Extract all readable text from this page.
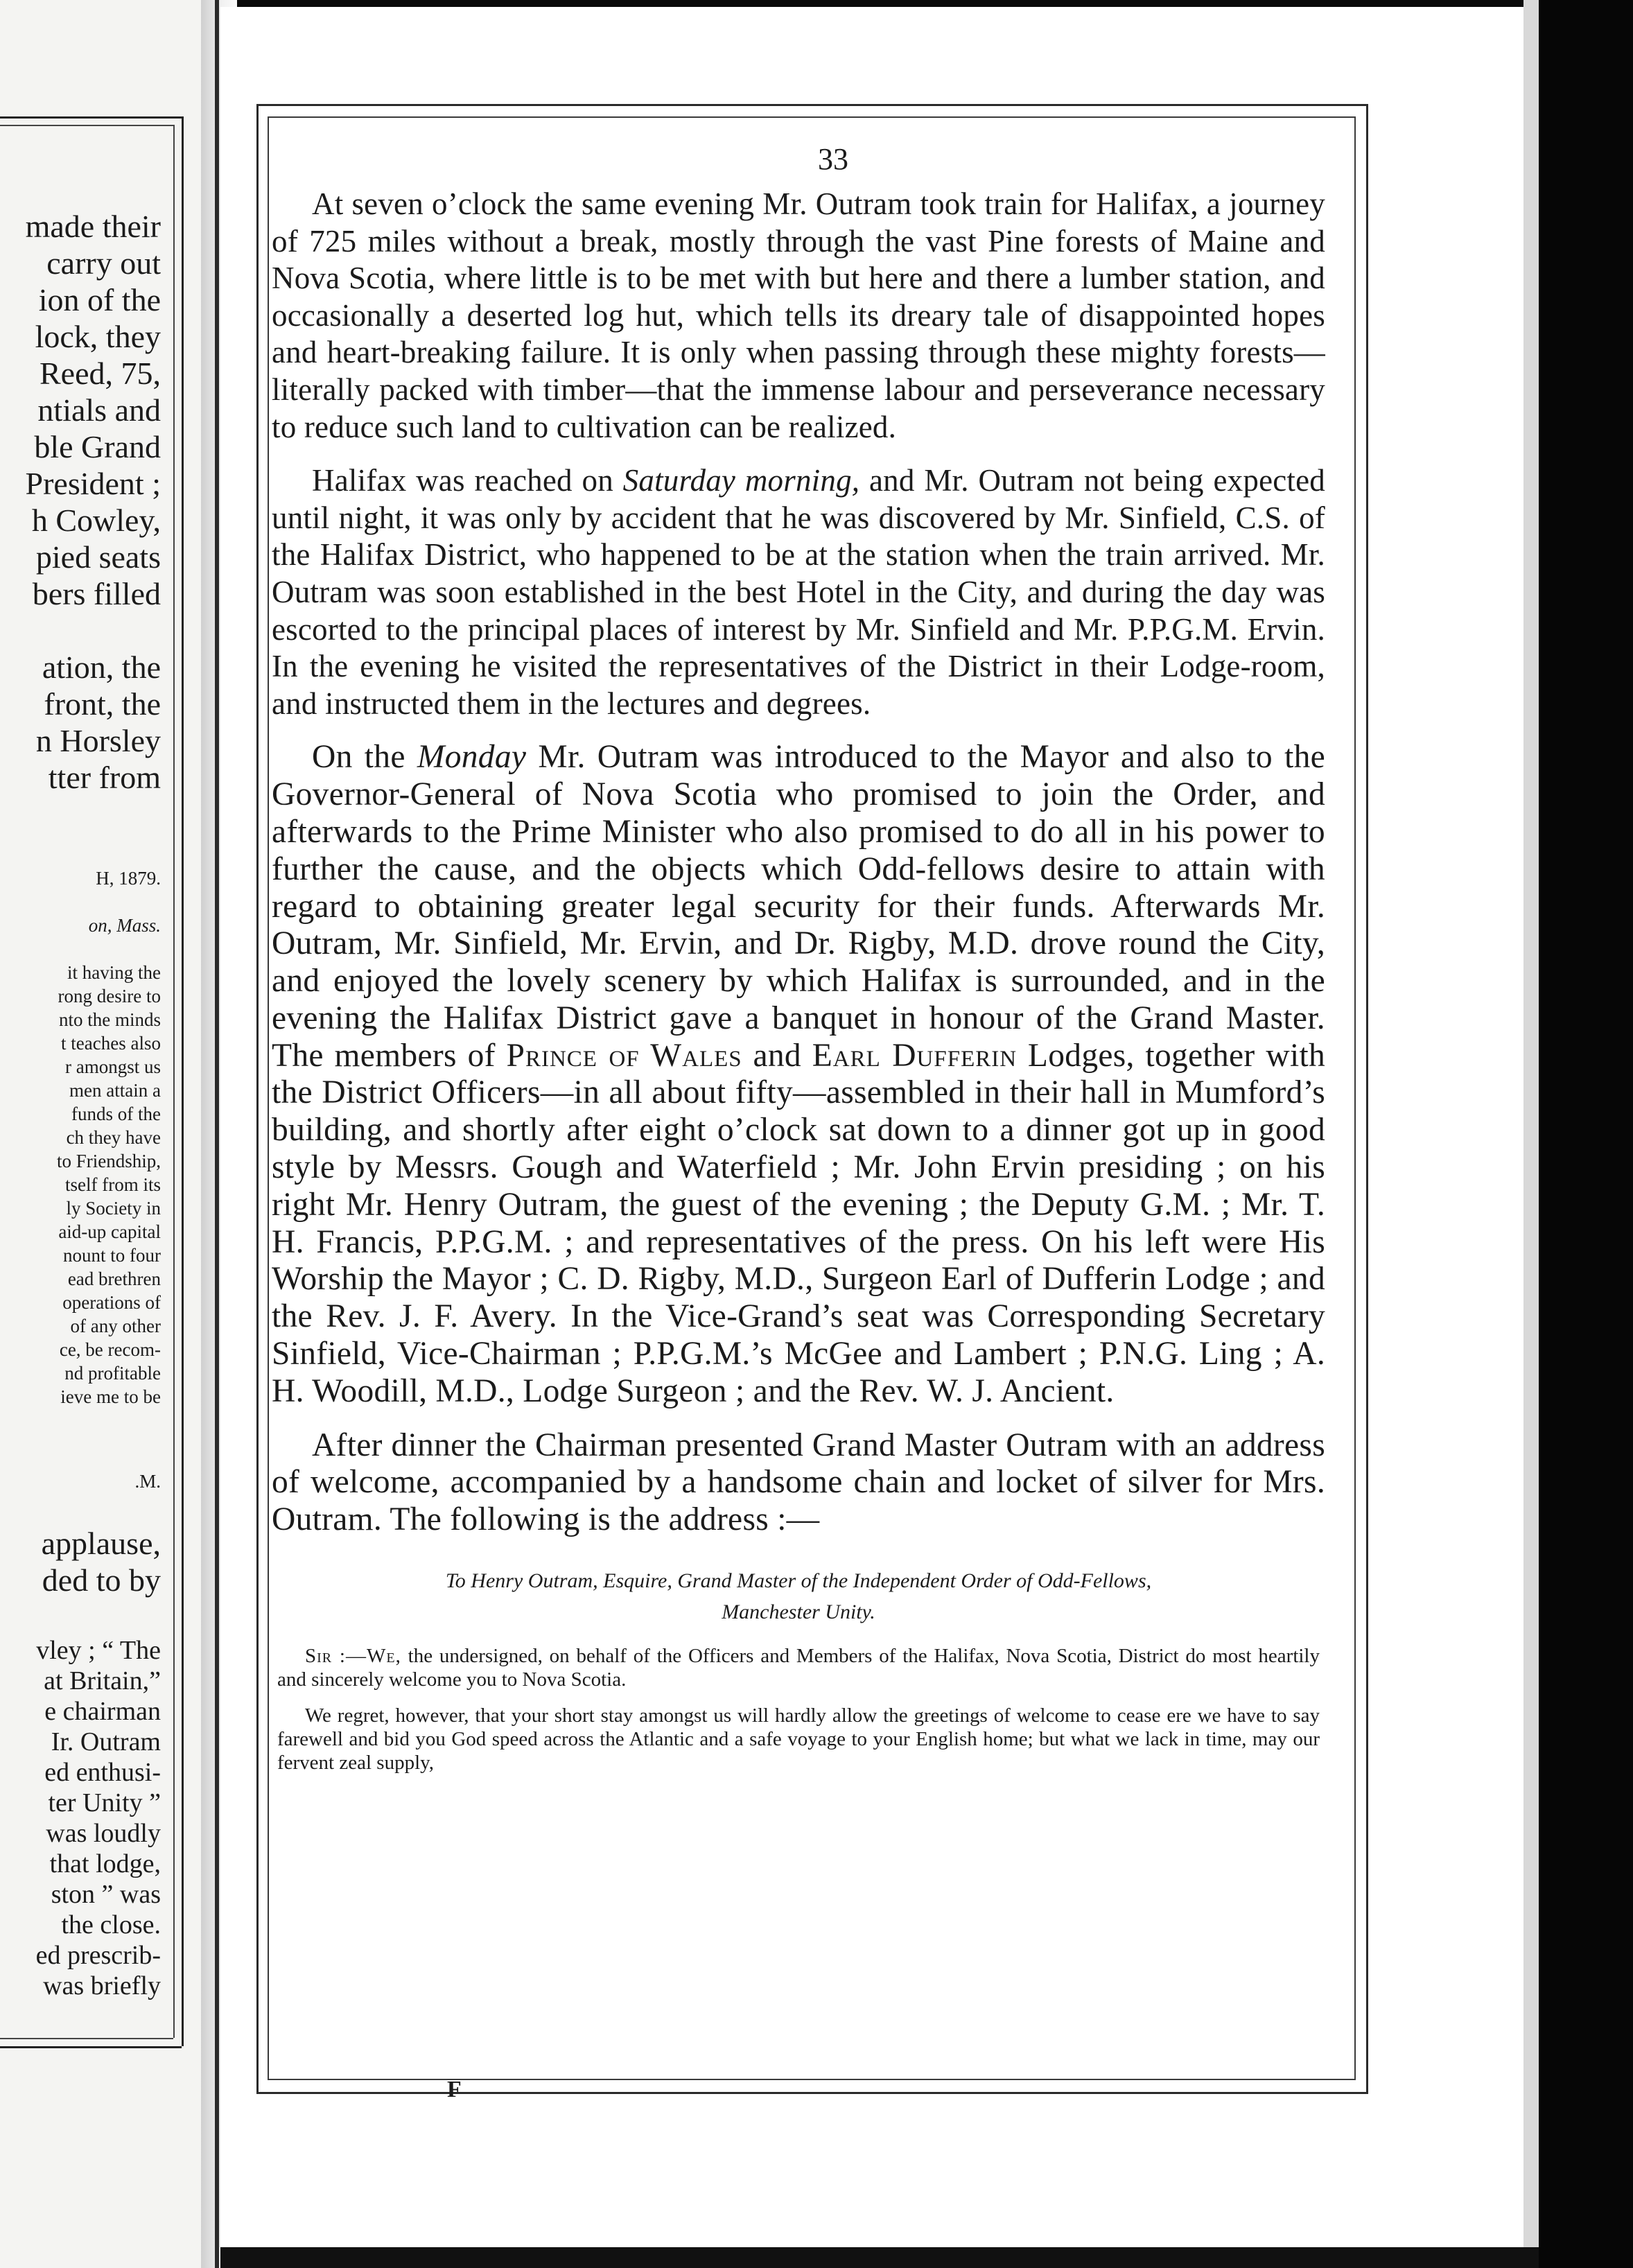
made their
carry out
ion of the
lock, they
Reed, 75,
ntials and
ble Grand
President ;
h Cowley,
pied seats
bers filled

ation, the
front, the
n Horsley
tter from
H, 1879.

on, Mass.

it having the
rong desire to
nto the minds
t teaches also
r amongst us
men attain a
funds of the
ch they have
to Friendship,
tself from its
ly Society in
aid-up capital
nount to four
ead brethren
operations of
of any other
ce, be recom-
nd profitable
ieve me to be
.M.
applause,
ded to by

vley ; “ The
at Britain,”
e chairman
Ir. Outram
ed enthusi-
ter Unity ”
was loudly
that lodge,
ston ” was
the close.
ed prescrib-
was briefly
33

At seven o’clock the same evening Mr. Outram took train for Halifax, a journey of 725 miles without a break, mostly through the vast Pine forests of Maine and Nova Scotia, where little is to be met with but here and there a lumber station, and occasionally a deserted log hut, which tells its dreary tale of disappointed hopes and heart-breaking failure. It is only when passing through these mighty forests—literally packed with timber—that the immense labour and perseverance necessary to reduce such land to cultivation can be realized.

Halifax was reached on Saturday morning, and Mr. Outram not being expected until night, it was only by accident that he was discovered by Mr. Sinfield, C.S. of the Halifax District, who happened to be at the station when the train arrived. Mr. Outram was soon established in the best Hotel in the City, and during the day was escorted to the principal places of interest by Mr. Sinfield and Mr. P.P.G.M. Ervin. In the evening he visited the representatives of the District in their Lodge-room, and instructed them in the lectures and degrees.

On the Monday Mr. Outram was introduced to the Mayor and also to the Governor-General of Nova Scotia who promised to join the Order, and afterwards to the Prime Minister who also promised to do all in his power to further the cause, and the objects which Odd-fellows desire to attain with regard to obtaining greater legal security for their funds. Afterwards Mr. Outram, Mr. Sinfield, Mr. Ervin, and Dr. Rigby, M.D. drove round the City, and enjoyed the lovely scenery by which Halifax is surrounded, and in the evening the Halifax District gave a banquet in honour of the Grand Master. The members of Prince of Wales and Earl Dufferin Lodges, together with the District Officers—in all about fifty—assembled in their hall in Mumford’s building, and shortly after eight o’clock sat down to a dinner got up in good style by Messrs. Gough and Waterfield ; Mr. John Ervin presiding ; on his right Mr. Henry Outram, the guest of the evening ; the Deputy G.M. ; Mr. T. H. Francis, P.P.G.M. ; and representatives of the press. On his left were His Worship the Mayor ; C. D. Rigby, M.D., Surgeon Earl of Dufferin Lodge ; and the Rev. J. F. Avery. In the Vice-Grand’s seat was Corresponding Secretary Sinfield, Vice-Chairman ; P.P.G.M.’s McGee and Lambert ; P.N.G. Ling ; A. H. Woodill, M.D., Lodge Surgeon ; and the Rev. W. J. Ancient.

After dinner the Chairman presented Grand Master Outram with an address of welcome, accompanied by a handsome chain and locket of silver for Mrs. Outram. The following is the address :—

To Henry Outram, Esquire, Grand Master of the Independent Order of Odd-Fellows,
Manchester Unity.

Sir :—We, the undersigned, on behalf of the Officers and Members of the Halifax, Nova Scotia, District do most heartily and sincerely welcome you to Nova Scotia.

We regret, however, that your short stay amongst us will hardly allow the greetings of welcome to cease ere we have to say farewell and bid you God speed across the Atlantic and a safe voyage to your English home; but what we lack in time, may our fervent zeal supply,

F
